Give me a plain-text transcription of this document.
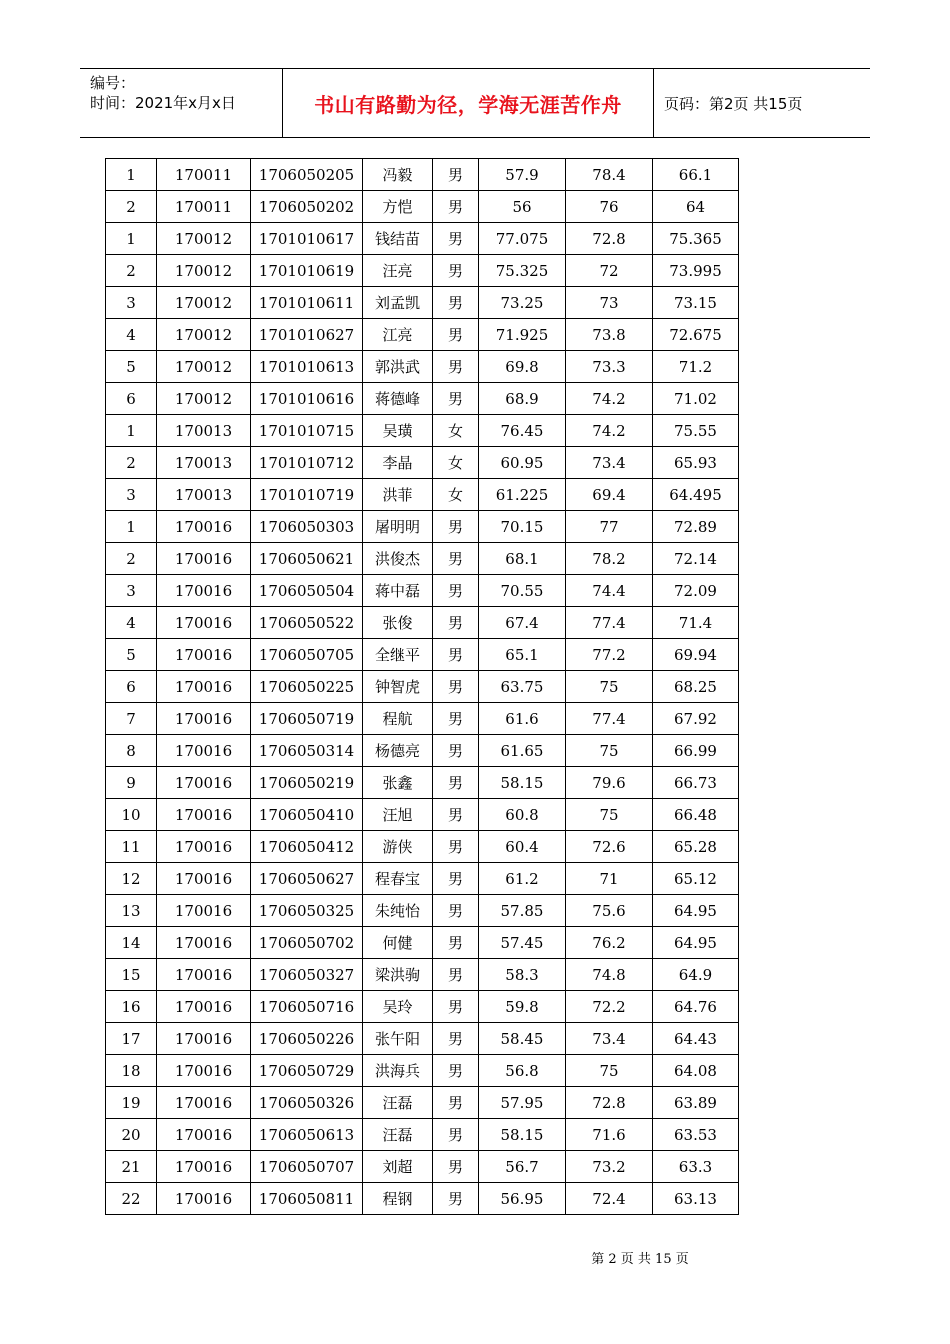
编号：
时间：2021年x月x日	书山有路勤为径，学海无涯苦作舟	页码：第2页 共15页
1	170011	1706050205	冯毅	男	57.9	78.4	66.1
2	170011	1706050202	方恺	男	56	76	64
1	170012	1701010617	钱结苗	男	77.075	72.8	75.365
2	170012	1701010619	汪亮	男	75.325	72	73.995
3	170012	1701010611	刘孟凯	男	73.25	73	73.15
4	170012	1701010627	江亮	男	71.925	73.8	72.675
5	170012	1701010613	郭洪武	男	69.8	73.3	71.2
6	170012	1701010616	蒋德峰	男	68.9	74.2	71.02
1	170013	1701010715	吴璜	女	76.45	74.2	75.55
2	170013	1701010712	李晶	女	60.95	73.4	65.93
3	170013	1701010719	洪菲	女	61.225	69.4	64.495
1	170016	1706050303	屠明明	男	70.15	77	72.89
2	170016	1706050621	洪俊杰	男	68.1	78.2	72.14
3	170016	1706050504	蒋中磊	男	70.55	74.4	72.09
4	170016	1706050522	张俊	男	67.4	77.4	71.4
5	170016	1706050705	全继平	男	65.1	77.2	69.94
6	170016	1706050225	钟智虎	男	63.75	75	68.25
7	170016	1706050719	程航	男	61.6	77.4	67.92
8	170016	1706050314	杨德亮	男	61.65	75	66.99
9	170016	1706050219	张鑫	男	58.15	79.6	66.73
10	170016	1706050410	汪旭	男	60.8	75	66.48
11	170016	1706050412	游侠	男	60.4	72.6	65.28
12	170016	1706050627	程春宝	男	61.2	71	65.12
13	170016	1706050325	朱纯怡	男	57.85	75.6	64.95
14	170016	1706050702	何健	男	57.45	76.2	64.95
15	170016	1706050327	梁洪驹	男	58.3	74.8	64.9
16	170016	1706050716	吴玲	男	59.8	72.2	64.76
17	170016	1706050226	张午阳	男	58.45	73.4	64.43
18	170016	1706050729	洪海兵	男	56.8	75	64.08
19	170016	1706050326	汪磊	男	57.95	72.8	63.89
20	170016	1706050613	汪磊	男	58.15	71.6	63.53
21	170016	1706050707	刘超	男	56.7	73.2	63.3
22	170016	1706050811	程钢	男	56.95	72.4	63.13
第 2 页 共 15 页
